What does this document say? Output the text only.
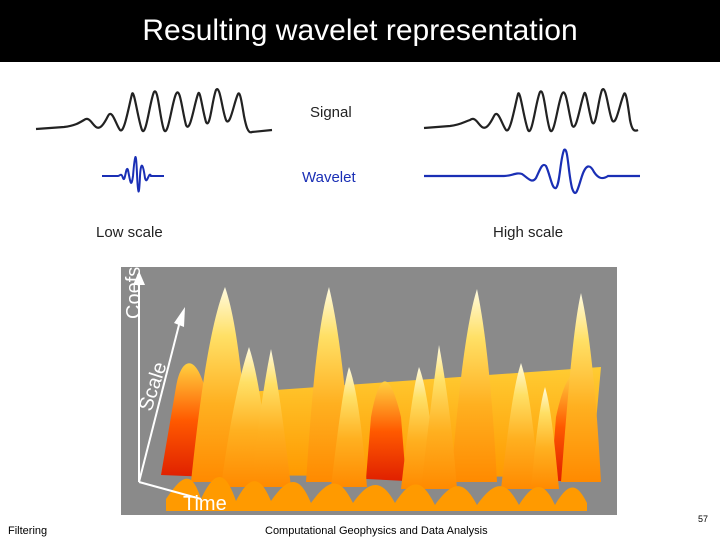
Resulting wavelet representation
Signal
Wavelet
Low scale	High scale
Coefs
Scale
Time
Filtering	Computational Geophysics and Data Analysis
57
